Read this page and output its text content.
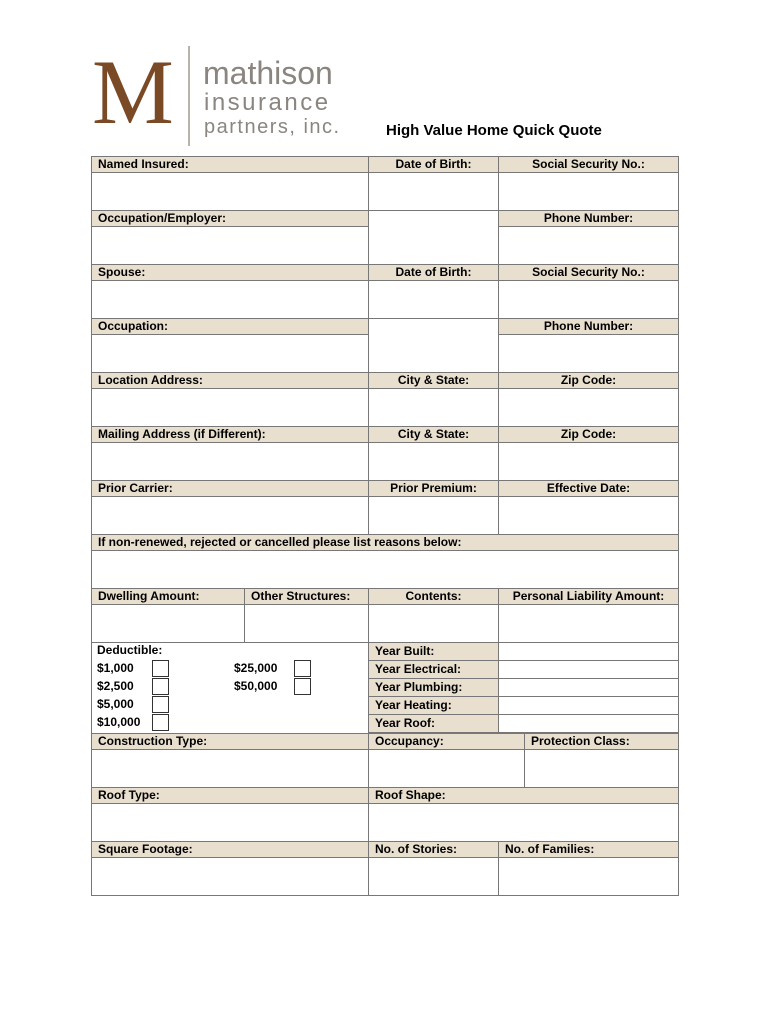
M mathison
insurance
partners, inc.	High Value Home Quick Quote
Named Insured:	Date of Birth:	Social Security No.:
Occupation/Employer:	Phone Number:
Spouse:	Date of Birth:	Social Security No.:
Occupation:	Phone Number:
Location Address:	City & State:	Zip Code:
Mailing Address (if Different):	City & State:	Zip Code:
Prior Carrier:	Prior Premium:	Effective Date:
If non-renewed, rejected or cancelled please list reasons below:
Dwelling Amount:	Other Structures:	Contents:	Personal Liability Amount:
Deductible:
$1,000
$2,500
$5,000
$10,000
$25,000
$50,000
Year Built:
Year Electrical:
Year Plumbing:
Year Heating:
Year Roof:
Construction Type:	Occupancy:	Protection Class:
Roof Type:	Roof Shape:
Square Footage:	No. of Stories:	No. of Families:
